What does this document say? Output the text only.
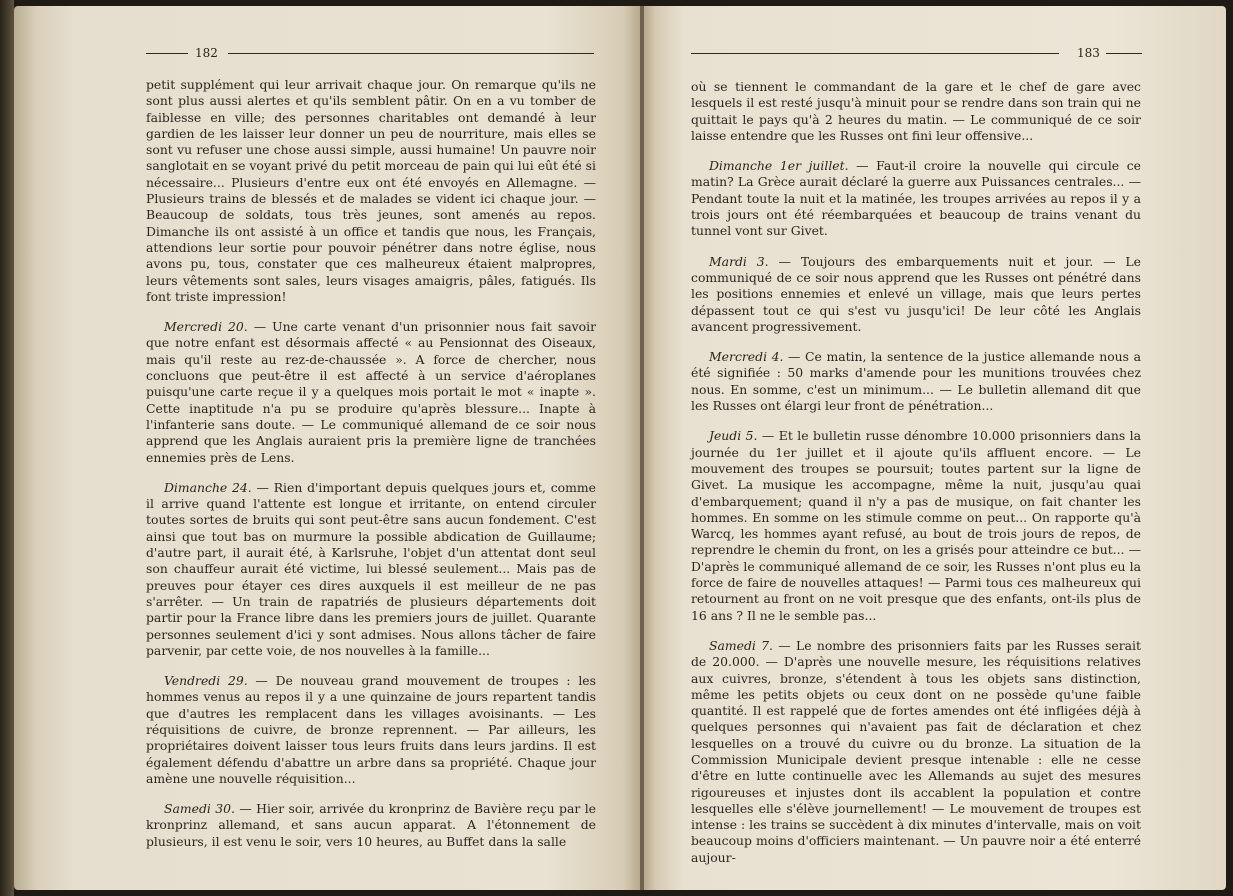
182

petit supplément qui leur arrivait chaque jour. On remarque qu'ils ne sont plus aussi alertes et qu'ils semblent pâtir. On en a vu tomber de faiblesse en ville; des personnes charitables ont demandé à leur gardien de les laisser leur donner un peu de nourriture, mais elles se sont vu refuser une chose aussi simple, aussi humaine! Un pauvre noir sanglotait en se voyant privé du petit morceau de pain qui lui eût été si nécessaire... Plusieurs d'entre eux ont été envoyés en Allemagne. — Plusieurs trains de blessés et de malades se vident ici chaque jour. — Beaucoup de soldats, tous très jeunes, sont amenés au repos. Dimanche ils ont assisté à un office et tandis que nous, les Français, attendions leur sortie pour pouvoir pénétrer dans notre église, nous avons pu, tous, constater que ces malheureux étaient malpropres, leurs vêtements sont sales, leurs visages amaigris, pâles, fatigués. Ils font triste impression!

Mercredi 20. — Une carte venant d'un prisonnier nous fait savoir que notre enfant est désormais affecté « au Pensionnat des Oiseaux, mais qu'il reste au rez-de-chaussée ». A force de chercher, nous concluons que peut-être il est affecté à un service d'aéroplanes puisqu'une carte reçue il y a quelques mois portait le mot « inapte ». Cette inaptitude n'a pu se produire qu'après blessure... Inapte à l'infanterie sans doute. — Le communiqué allemand de ce soir nous apprend que les Anglais auraient pris la première ligne de tranchées ennemies près de Lens.

Dimanche 24. — Rien d'important depuis quelques jours et, comme il arrive quand l'attente est longue et irritante, on entend circuler toutes sortes de bruits qui sont peut-être sans aucun fondement. C'est ainsi que tout bas on murmure la possible abdication de Guillaume; d'autre part, il aurait été, à Karlsruhe, l'objet d'un attentat dont seul son chauffeur aurait été victime, lui blessé seulement... Mais pas de preuves pour étayer ces dires auxquels il est meilleur de ne pas s'arrêter. — Un train de rapatriés de plusieurs départements doit partir pour la France libre dans les premiers jours de juillet. Quarante personnes seulement d'ici y sont admises. Nous allons tâcher de faire parvenir, par cette voie, de nos nouvelles à la famille...

Vendredi 29. — De nouveau grand mouvement de troupes : les hommes venus au repos il y a une quinzaine de jours repartent tandis que d'autres les remplacent dans les villages avoisinants. — Les réquisitions de cuivre, de bronze reprennent. — Par ailleurs, les propriétaires doivent laisser tous leurs fruits dans leurs jardins. Il est également défendu d'abattre un arbre dans sa propriété. Chaque jour amène une nouvelle réquisition...

Samedi 30. — Hier soir, arrivée du kronprinz de Bavière reçu par le kronprinz allemand, et sans aucun apparat. A l'étonnement de plusieurs, il est venu le soir, vers 10 heures, au Buffet dans la salle

183

où se tiennent le commandant de la gare et le chef de gare avec lesquels il est resté jusqu'à minuit pour se rendre dans son train qui ne quittait le pays qu'à 2 heures du matin. — Le communiqué de ce soir laisse entendre que les Russes ont fini leur offensive...

Dimanche 1er juillet. — Faut-il croire la nouvelle qui circule ce matin? La Grèce aurait déclaré la guerre aux Puissances centrales... — Pendant toute la nuit et la matinée, les troupes arrivées au repos il y a trois jours ont été réembarquées et beaucoup de trains venant du tunnel vont sur Givet.

Mardi 3. — Toujours des embarquements nuit et jour. — Le communiqué de ce soir nous apprend que les Russes ont pénétré dans les positions ennemies et enlevé un village, mais que leurs pertes dépassent tout ce qui s'est vu jusqu'ici! De leur côté les Anglais avancent progressivement.

Mercredi 4. — Ce matin, la sentence de la justice allemande nous a été signifiée : 50 marks d'amende pour les munitions trouvées chez nous. En somme, c'est un minimum... — Le bulletin allemand dit que les Russes ont élargi leur front de pénétration...

Jeudi 5. — Et le bulletin russe dénombre 10.000 prisonniers dans la journée du 1er juillet et il ajoute qu'ils affluent encore. — Le mouvement des troupes se poursuit; toutes partent sur la ligne de Givet. La musique les accompagne, même la nuit, jusqu'au quai d'embarquement; quand il n'y a pas de musique, on fait chanter les hommes. En somme on les stimule comme on peut... On rapporte qu'à Warcq, les hommes ayant refusé, au bout de trois jours de repos, de reprendre le chemin du front, on les a grisés pour atteindre ce but... — D'après le communiqué allemand de ce soir, les Russes n'ont plus eu la force de faire de nouvelles attaques! — Parmi tous ces malheureux qui retournent au front on ne voit presque que des enfants, ont-ils plus de 16 ans ? Il ne le semble pas...

Samedi 7. — Le nombre des prisonniers faits par les Russes serait de 20.000. — D'après une nouvelle mesure, les réquisitions relatives aux cuivres, bronze, s'étendent à tous les objets sans distinction, même les petits objets ou ceux dont on ne possède qu'une faible quantité. Il est rappelé que de fortes amendes ont été infligées déjà à quelques personnes qui n'avaient pas fait de déclaration et chez lesquelles on a trouvé du cuivre ou du bronze. La situation de la Commission Municipale devient presque intenable : elle ne cesse d'être en lutte continuelle avec les Allemands au sujet des mesures rigoureuses et injustes dont ils accablent la population et contre lesquelles elle s'élève journellement! — Le mouvement de troupes est intense : les trains se succèdent à dix minutes d'intervalle, mais on voit beaucoup moins d'officiers maintenant. — Un pauvre noir a été enterré aujour-
